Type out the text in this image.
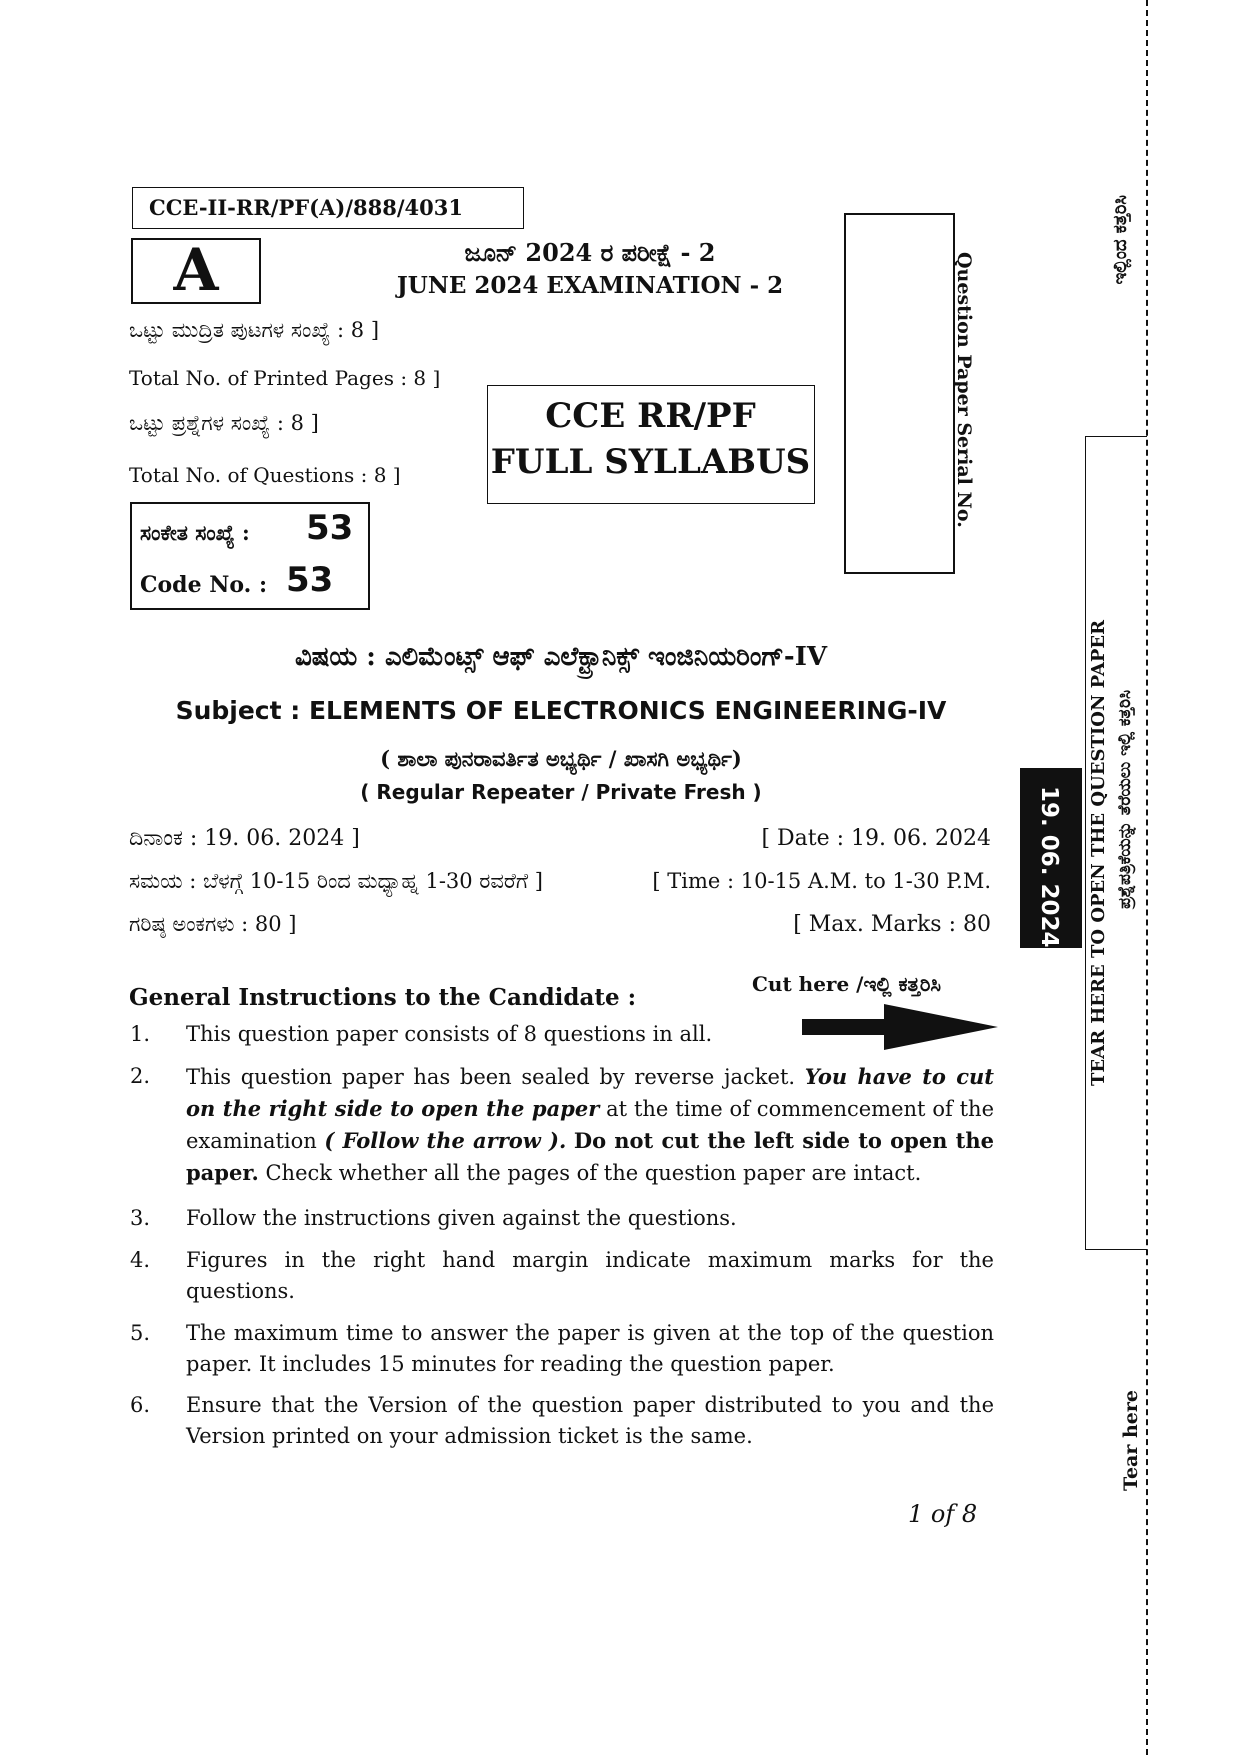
CCE-II-RR/PF(A)/888/4031
A	ಜೂನ್ 2024 ರ ಪರೀಕ್ಷೆ - 2
JUNE 2024 EXAMINATION - 2
ಒಟ್ಟು ಮುದ್ರಿತ ಪುಟಗಳ ಸಂಖ್ಯೆ : 8 ]
Total No. of Printed Pages : 8 ]
ಒಟ್ಟು ಪ್ರಶ್ನೆಗಳ ಸಂಖ್ಯೆ : 8 ]
Total No. of Questions : 8 ]
ಸಂಕೇತ ಸಂಖ್ಯೆ : 53
Code No. : 53
CCE RR/PF
FULL SYLLABUS	Question Paper Serial No.
ವಿಷಯ : ಎಲಿಮೆಂಟ್ಸ್ ಆಫ್ ಎಲೆಕ್ಟ್ರಾನಿಕ್ಸ್ ಇಂಜಿನಿಯರಿಂಗ್-IV
Subject : ELEMENTS OF ELECTRONICS ENGINEERING-IV
( ಶಾಲಾ ಪುನರಾವರ್ತಿತ ಅಭ್ಯರ್ಥಿ / ಖಾಸಗಿ ಅಭ್ಯರ್ಥಿ)
( Regular Repeater / Private Fresh )
ದಿನಾಂಕ : 19. 06. 2024 ]	[ Date : 19. 06. 2024
ಸಮಯ : ಬೆಳಗ್ಗೆ 10-15 ರಿಂದ ಮಧ್ಯಾಹ್ನ 1-30 ರವರೆಗೆ ]	[ Time : 10-15 A.M. to 1-30 P.M.
ಗರಿಷ್ಠ ಅಂಕಗಳು : 80 ]	[ Max. Marks : 80
General Instructions to the Candidate :	Cut here /ಇಲ್ಲಿ ಕತ್ತರಿಸಿ
1. This question paper consists of 8 questions in all.
2. This question paper has been sealed by reverse jacket. You have to cut on the right side to open the paper at the time of commencement of the examination ( Follow the arrow ). Do not cut the left side to open the paper. Check whether all the pages of the question paper are intact.
3. Follow the instructions given against the questions.
4. Figures in the right hand margin indicate maximum marks for the questions.
5. The maximum time to answer the paper is given at the top of the question paper. It includes 15 minutes for reading the question paper.
6. Ensure that the Version of the question paper distributed to you and the Version printed on your admission ticket is the same.
1 of 8
ಇಲ್ಲಿಂದ ಕತ್ತರಿಸಿ
TEAR HERE TO OPEN THE QUESTION PAPER ಪ್ರಶ್ನೆಪತ್ರಿಕೆಯನ್ನು ತೆರೆಯಲು ಇಲ್ಲಿ ಕತ್ತರಿಸಿ
19. 06. 2024
Tear here
